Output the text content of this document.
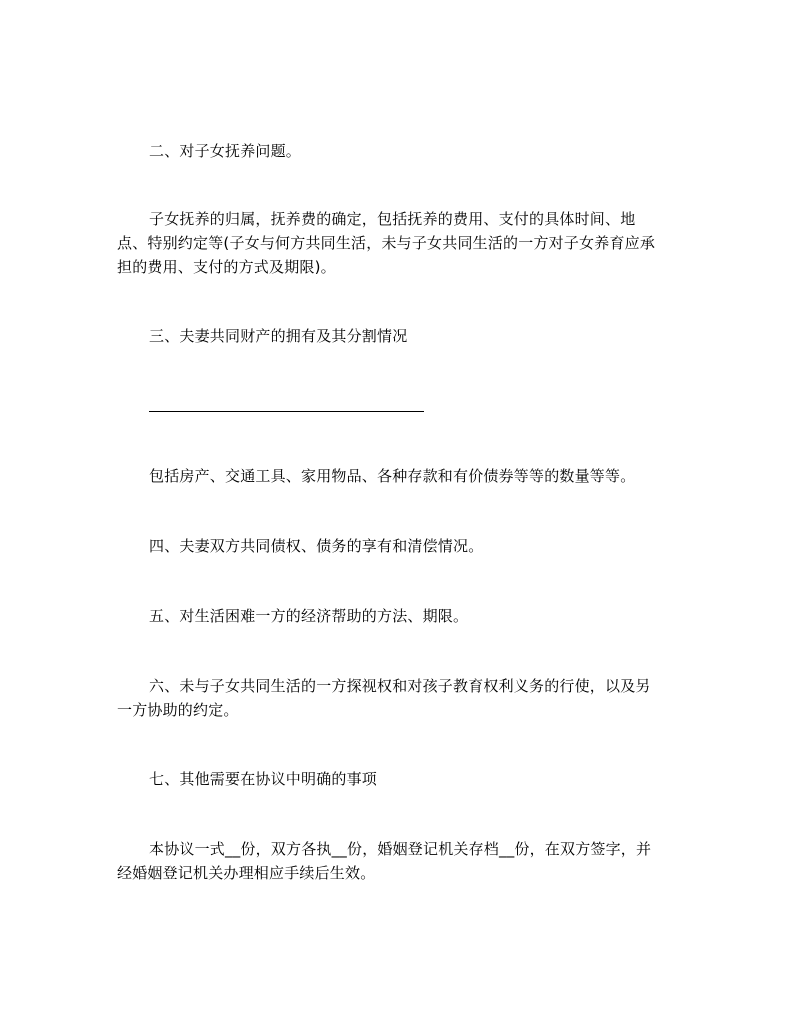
二、对子女抚养问题。
子女抚养的归属，抚养费的确定，包括抚养的费用、支付的具体时间、地
点、特别约定等(子女与何方共同生活，未与子女共同生活的一方对子女养育应承
担的费用、支付的方式及期限)。
三、夫妻共同财产的拥有及其分割情况
包括房产、交通工具、家用物品、各种存款和有价债券等等的数量等等。
四、夫妻双方共同债权、债务的享有和清偿情况。
五、对生活困难一方的经济帮助的方法、期限。
六、未与子女共同生活的一方探视权和对孩子教育权利义务的行使，以及另
一方协助的约定。
七、其他需要在协议中明确的事项
本协议一式__份，双方各执__份，婚姻登记机关存档__份，在双方签字，并
经婚姻登记机关办理相应手续后生效。
